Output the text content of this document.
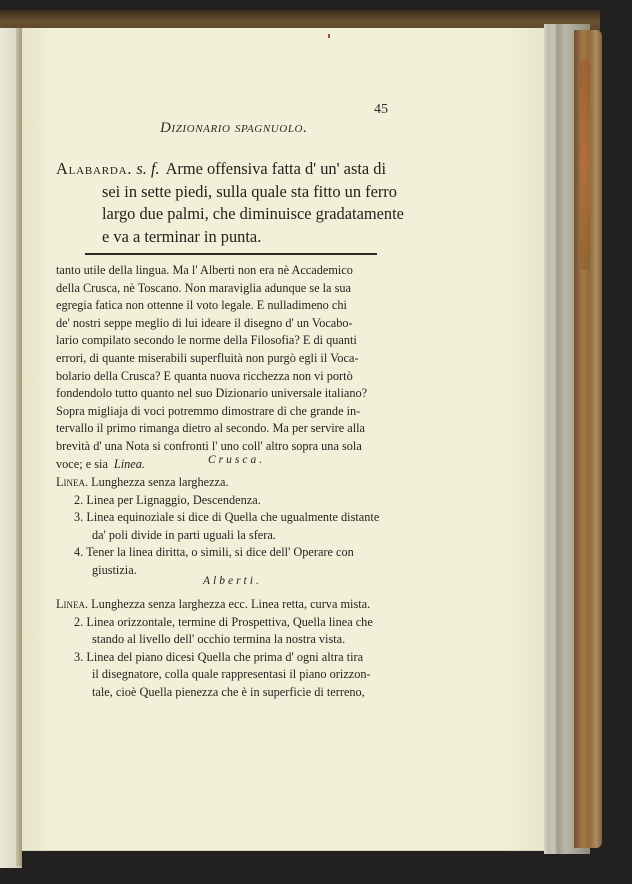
45
Dizionario spagnuolo.
Alabarda. s. f. Arme offensiva fatta d' un' asta di
sei in sette piedi, sulla quale sta fitto un ferro
largo due palmi, che diminuisce gradatamente
e va a terminar in punta.
tanto utile della lingua. Ma l' Alberti non era nè Accademico
della Crusca, nè Toscano. Non maraviglia adunque se la sua
egregia fatica non ottenne il voto legale. E nulladimeno chi
de' nostri seppe meglio di lui ideare il disegno d' un Vocabo-
lario compilato secondo le norme della Filosofia? E di quanti
errori, di quante miserabili superfluità non purgò egli il Voca-
bolario della Crusca? E quanta nuova ricchezza non vi portò
fondendolo tutto quanto nel suo Dizionario universale italiano?
Sopra migliaja di voci potremmo dimostrare di che grande in-
tervallo il primo rimanga dietro al secondo. Ma per servire alla
brevità d' una Nota si confronti l' uno coll' altro sopra una sola
voce; e sia Linea.	Crusca.
Linea. Lunghezza senza larghezza.
2. Linea per Lignaggio, Descendenza.
3. Linea equinoziale si dice di Quella che ugualmente distante
da' poli divide in parti uguali la sfera.
4. Tener la linea diritta, o simili, si dice dell' Operare con
giustizia.
Alberti.
Linea. Lunghezza senza larghezza ecc. Linea retta, curva mista.
2. Linea orizzontale, termine di Prospettiva, Quella linea che
stando al livello dell' occhio termina la nostra vista.
3. Linea del piano dicesi Quella che prima d' ogni altra tira
il disegnatore, colla quale rappresentasi il piano orizzon-
tale, cioè Quella pienezza che è in superficie di terreno,
